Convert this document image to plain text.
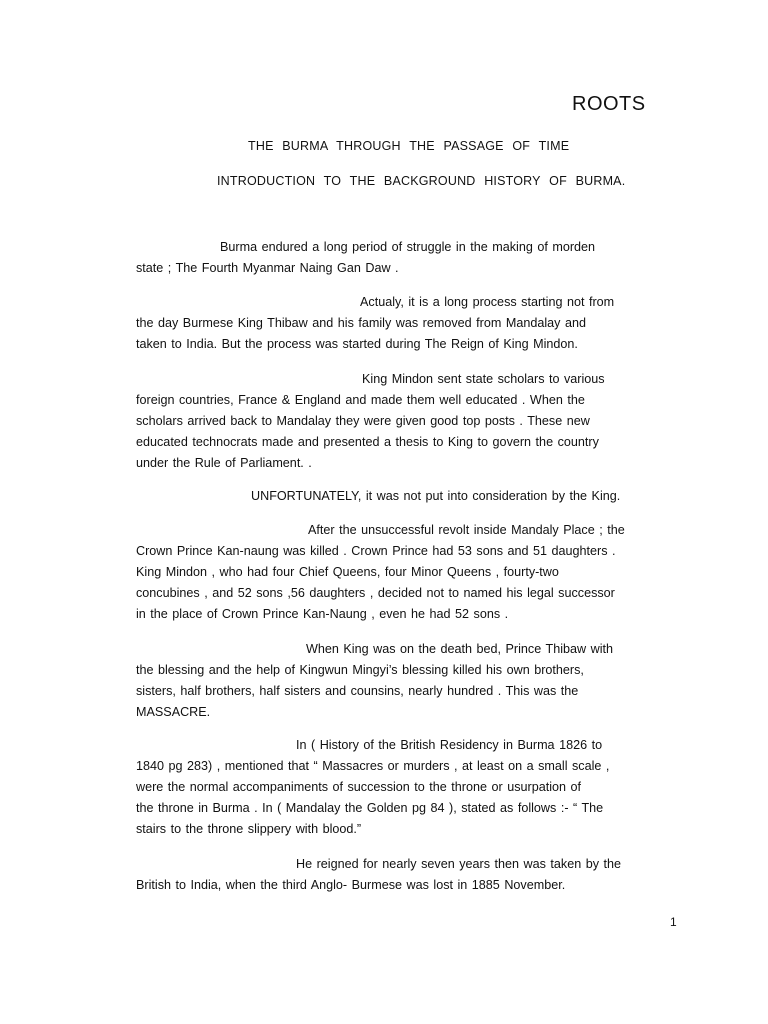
ROOTS
THE BURMA THROUGH THE PASSAGE OF TIME
INTRODUCTION TO THE BACKGROUND HISTORY OF BURMA.
Burma endured a long period of struggle in the making of morden
state ; The Fourth Myanmar Naing Gan Daw .
Actualy, it is a long process starting not from
the day Burmese King Thibaw and his family was removed from Mandalay and
taken to India. But the process was started during The Reign of King Mindon.
King Mindon sent state scholars to various
foreign countries, France & England and made them well educated . When the
scholars arrived back to Mandalay they were given good top posts . These new
educated technocrats made and presented a thesis to King to govern the country
under the Rule of Parliament. .
UNFORTUNATELY, it was not put into consideration by the King.
After the unsuccessful revolt inside Mandaly Place ; the
Crown Prince Kan-naung was killed . Crown Prince had 53 sons and 51 daughters .
King Mindon , who had four Chief Queens, four Minor Queens , fourty-two
concubines , and 52 sons ,56 daughters , decided not to named his legal successor
in the place of Crown Prince Kan-Naung , even he had 52 sons .
When King was on the death bed, Prince Thibaw with
the blessing and the help of Kingwun Mingyi’s blessing killed his own brothers,
sisters, half brothers, half sisters and counsins, nearly hundred . This was the
MASSACRE.
In ( History of the British Residency in Burma 1826 to
1840 pg 283) , mentioned that “ Massacres or murders , at least on a small scale ,
were the normal accompaniments of succession to the throne or usurpation of
the throne in Burma . In ( Mandalay the Golden pg 84 ), stated as follows :- “ The
stairs to the throne slippery with blood.”
He reigned for nearly seven years then was taken by the
British to India, when the third Anglo- Burmese was lost in 1885 November.
1
